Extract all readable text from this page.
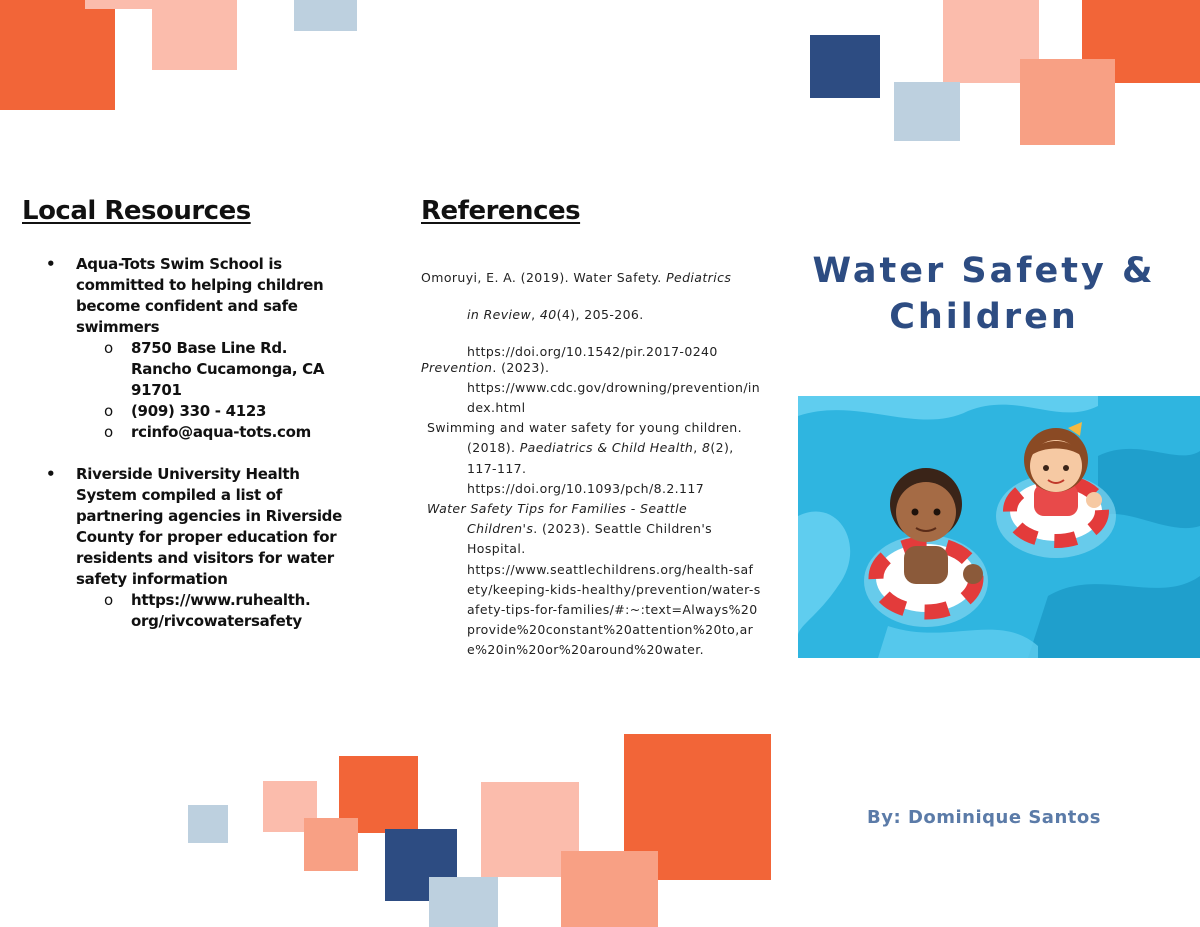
Local Resources
• Aqua-Tots Swim School is committed to helping children become confident and safe swimmers
o 8750 Base Line Rd. Rancho Cucamonga, CA 91701
o (909) 330 - 4123
o rcinfo@aqua-tots.com
• Riverside University Health System compiled a list of partnering agencies in Riverside County for proper education for residents and visitors for water safety information
o https://www.ruhealth. org/rivcowatersafety
References
Omoruyi, E. A. (2019). Water Safety. Pediatrics
in Review, 40(4), 205-206.
https://doi.org/10.1542/pir.2017-0240
Prevention. (2023).
https://www.cdc.gov/drowning/prevention/index.html
Swimming and water safety for young children.
(2018). Paediatrics & Child Health, 8(2),
117-117.
https://doi.org/10.1093/pch/8.2.117
Water Safety Tips for Families - Seattle
Children's. (2023). Seattle Children's
Hospital.
https://www.seattlechildrens.org/health-safety/keeping-kids-healthy/prevention/water-safety-tips-for-families/#:~:text=Always%20provide%20constant%20attention%20to,are%20in%20or%20around%20water.
Water Safety & Children
By: Dominique Santos
